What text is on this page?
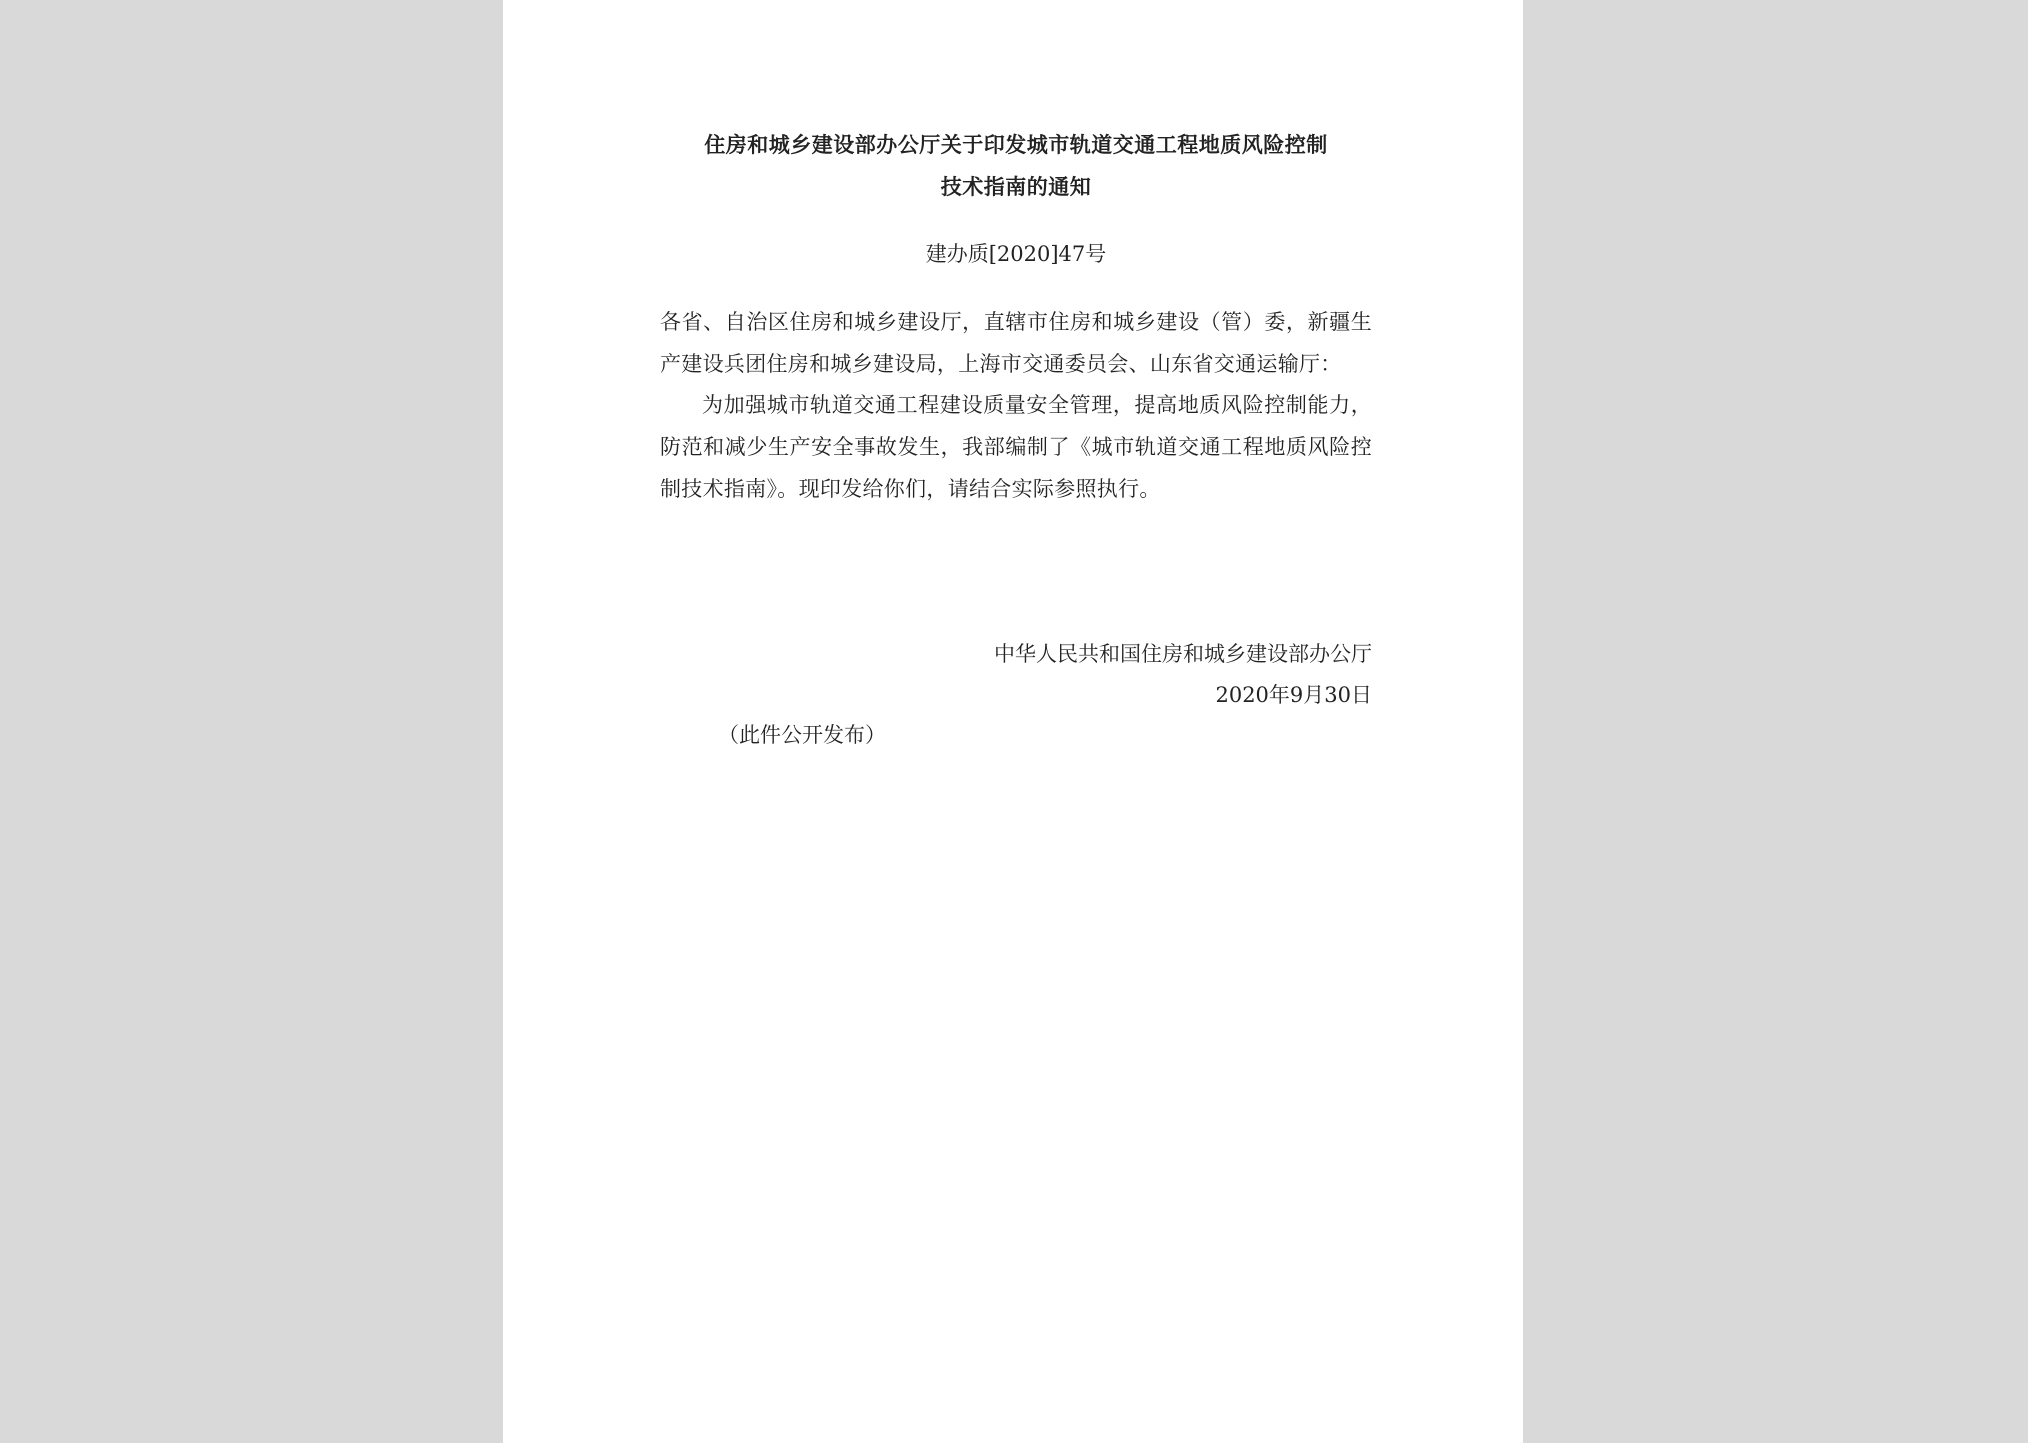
住房和城乡建设部办公厅关于印发城市轨道交通工程地质风险控制
技术指南的通知
建办质[2020]47号

各省、自治区住房和城乡建设厅，直辖市住房和城乡建设（管）委，新疆生产建设兵团住房和城乡建设局，上海市交通委员会、山东省交通运输厅：

为加强城市轨道交通工程建设质量安全管理，提高地质风险控制能力，防范和减少生产安全事故发生，我部编制了《城市轨道交通工程地质风险控制技术指南》。现印发给你们，请结合实际参照执行。

中华人民共和国住房和城乡建设部办公厅
2020年9月30日
（此件公开发布）
